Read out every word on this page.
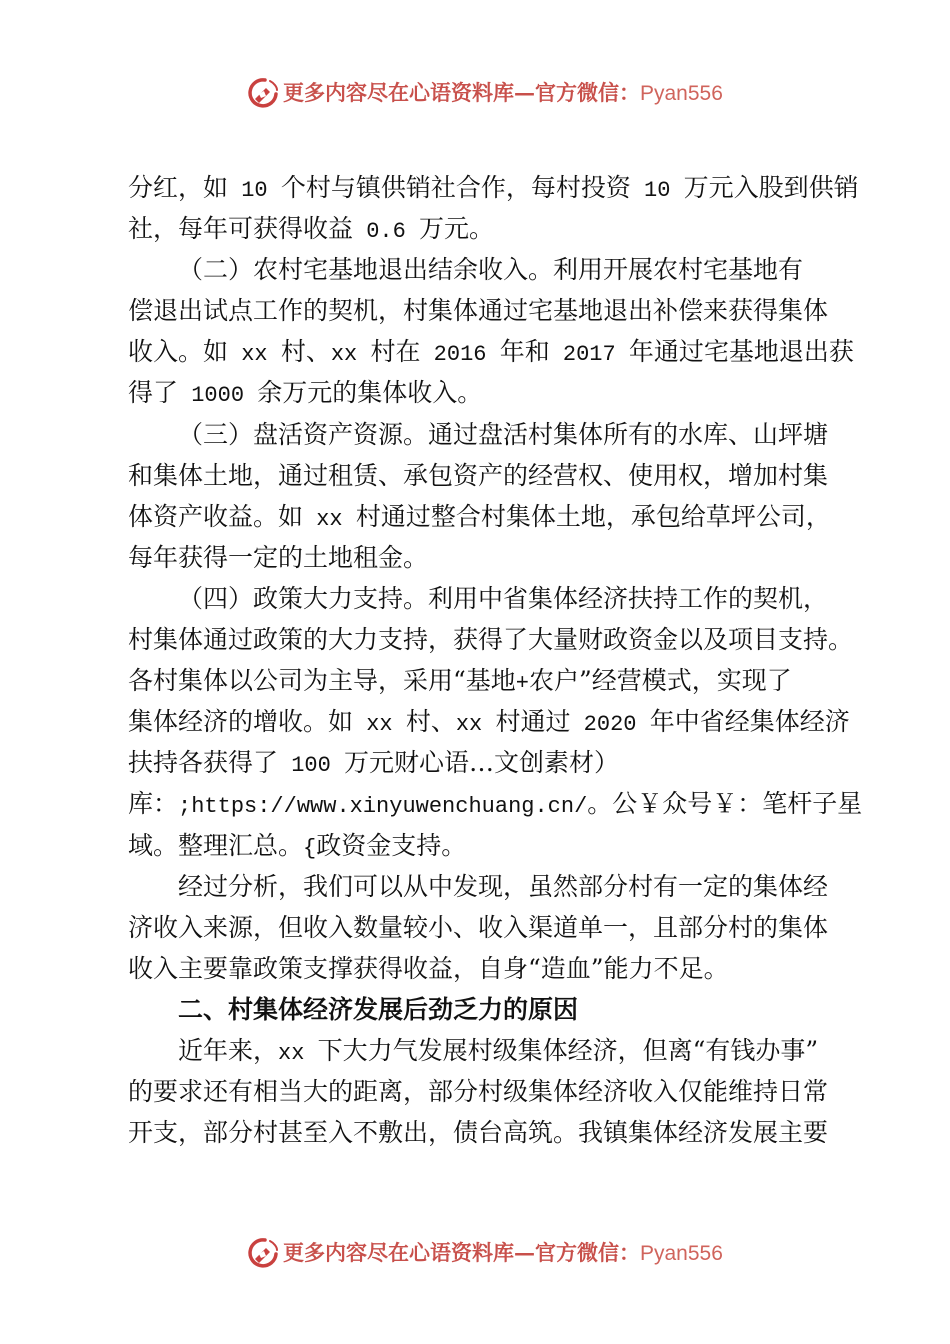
更多内容尽在心语资料库—官方微信：Pyan556
分红，如 10 个村与镇供销社合作，每村投资 10 万元入股到供销
社，每年可获得收益 0.6 万元。
（二）农村宅基地退出结余收入。利用开展农村宅基地有
偿退出试点工作的契机，村集体通过宅基地退出补偿来获得集体
收入。如 xx 村、xx 村在 2016 年和 2017 年通过宅基地退出获
得了 1000 余万元的集体收入。
（三）盘活资产资源。通过盘活村集体所有的水库、山坪塘
和集体土地，通过租赁、承包资产的经营权、使用权，增加村集
体资产收益。如 xx 村通过整合村集体土地，承包给草坪公司，
每年获得一定的土地租金。
（四）政策大力支持。利用中省集体经济扶持工作的契机，
村集体通过政策的大力支持，获得了大量财政资金以及项目支持。
各村集体以公司为主导，采用“基地+农户”经营模式，实现了
集体经济的增收。如 xx 村、xx 村通过 2020 年中省经集体经济
扶持各获得了 100 万元财心语…文创素材）
库：;https://www.xinyuwenchuang.cn/。公￥众号￥：笔杆子星
域。整理汇总。{政资金支持。
经过分析，我们可以从中发现，虽然部分村有一定的集体经
济收入来源，但收入数量较小、收入渠道单一，且部分村的集体
收入主要靠政策支撑获得收益，自身“造血”能力不足。
二、村集体经济发展后劲乏力的原因
近年来，xx 下大力气发展村级集体经济，但离“有钱办事”
的要求还有相当大的距离，部分村级集体经济收入仅能维持日常
开支，部分村甚至入不敷出，债台高筑。我镇集体经济发展主要
更多内容尽在心语资料库—官方微信：Pyan556
